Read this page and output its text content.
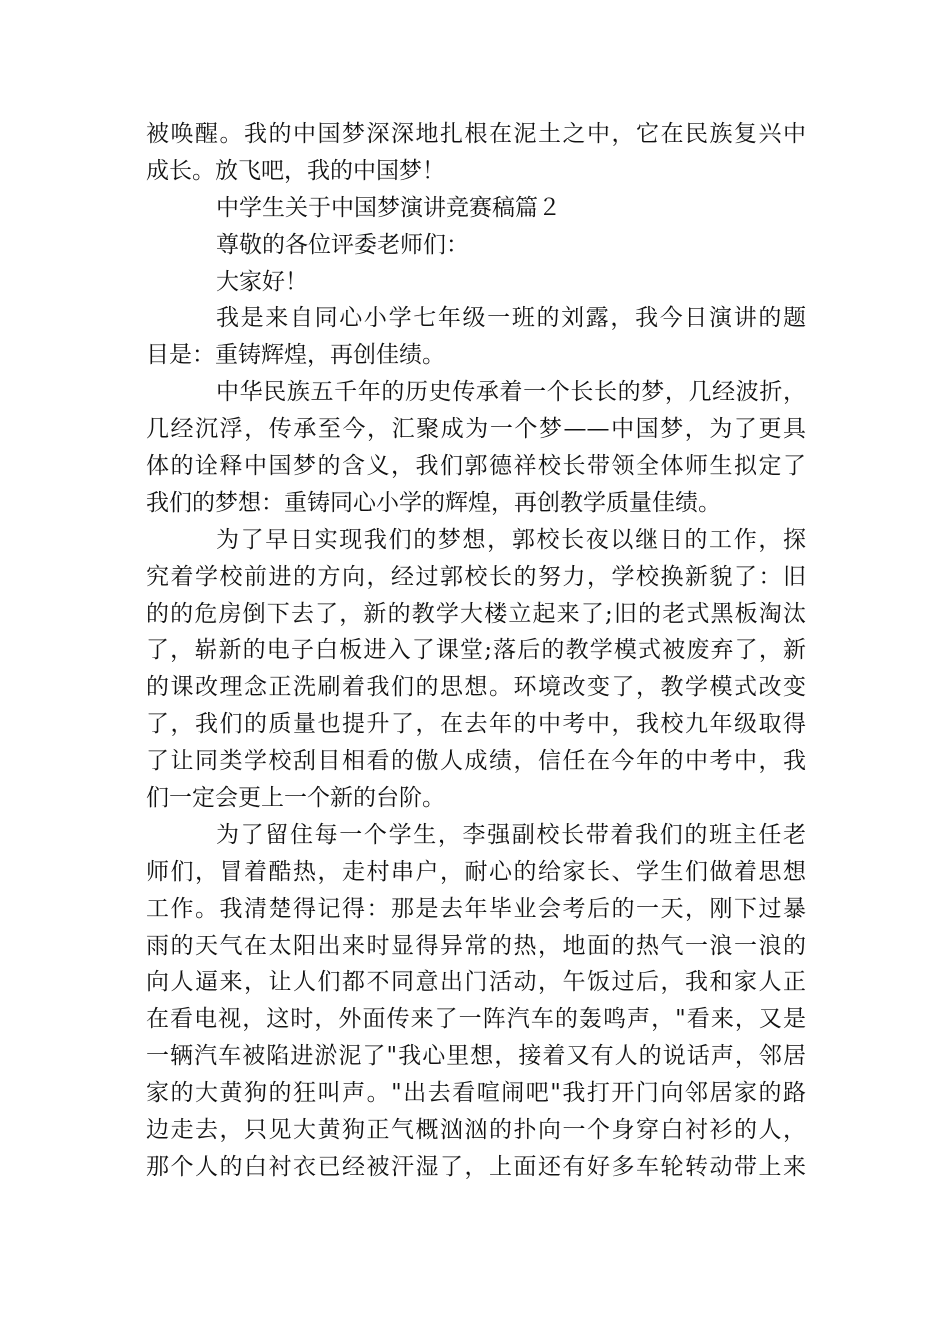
被唤醒。我的中国梦深深地扎根在泥土之中，它在民族复兴中
成长。放飞吧，我的中国梦！
中学生关于中国梦演讲竞赛稿篇２
尊敬的各位评委老师们：
大家好！
我是来自同心小学七年级一班的刘露，我今日演讲的题
目是：重铸辉煌，再创佳绩。
中华民族五千年的历史传承着一个长长的梦，几经波折，
几经沉浮，传承至今，汇聚成为一个梦——中国梦，为了更具
体的诠释中国梦的含义，我们郭德祥校长带领全体师生拟定了
我们的梦想：重铸同心小学的辉煌，再创教学质量佳绩。
为了早日实现我们的梦想，郭校长夜以继日的工作，探
究着学校前进的方向，经过郭校长的努力，学校换新貌了：旧
的的危房倒下去了，新的教学大楼立起来了;旧的老式黑板淘汰
了，崭新的电子白板进入了课堂;落后的教学模式被废弃了，新
的课改理念正洗刷着我们的思想。环境改变了，教学模式改变
了，我们的质量也提升了，在去年的中考中，我校九年级取得
了让同类学校刮目相看的傲人成绩，信任在今年的中考中，我
们一定会更上一个新的台阶。
为了留住每一个学生，李强副校长带着我们的班主任老
师们，冒着酷热，走村串户，耐心的给家长、学生们做着思想
工作。我清楚得记得：那是去年毕业会考后的一天，刚下过暴
雨的天气在太阳出来时显得异常的热，地面的热气一浪一浪的
向人逼来，让人们都不同意出门活动，午饭过后，我和家人正
在看电视，这时，外面传来了一阵汽车的轰鸣声，"看来，又是
一辆汽车被陷进淤泥了"我心里想，接着又有人的说话声，邻居
家的大黄狗的狂叫声。"出去看喧闹吧"我打开门向邻居家的路
边走去，只见大黄狗正气概汹汹的扑向一个身穿白衬衫的人，
那个人的白衬衣已经被汗湿了，上面还有好多车轮转动带上来
